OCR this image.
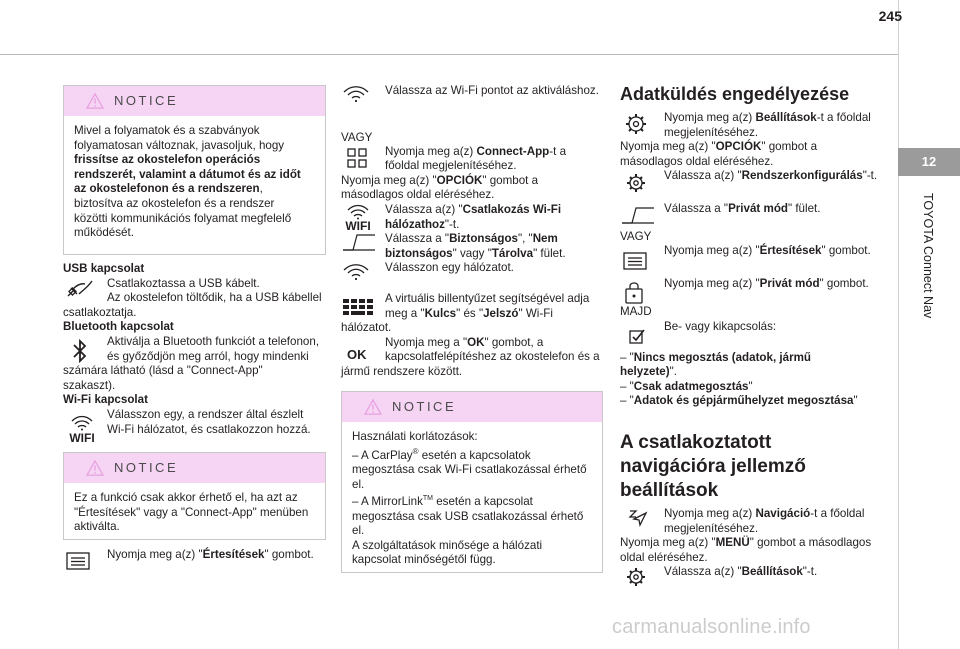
245
12
TOYOTA Connect Nav
NOTICE
Mivel a folyamatok és a szabványok
folyamatosan változnak, javasoljuk, hogy
frissítse az okostelefon operációs
rendszerét, valamint a dátumot és az időt
az okostelefonon és a rendszeren,
biztosítva az okostelefon és a rendszer
közötti kommunikációs folyamat megfelelő
működését.
USB kapcsolat
Csatlakoztassa a USB kábelt.
Az okostelefon töltődik, ha a USB kábellel
csatlakoztatja.
Bluetooth kapcsolat
Aktiválja a Bluetooth funkciót a telefonon,
és győződjön meg arról, hogy mindenki
számára látható (lásd a "Connect-App"
szakaszt).
Wi-Fi kapcsolat
WIFI
Válasszon egy, a rendszer által észlelt
Wi-Fi hálózatot, és csatlakozzon hozzá.
NOTICE
Ez a funkció csak akkor érhető el, ha azt az
"Értesítések" vagy a "Connect-App" menüben
aktiválta.
Nyomja meg a(z) "Értesítések" gombot.
Válassza az Wi-Fi pontot az aktiváláshoz.
VAGY
Nyomja meg a(z) Connect-App-t a
főoldal megjelenítéséhez.
Nyomja meg a(z) "OPCIÓK" gombot a
másodlagos oldal eléréséhez.
WIFI
Válassza a(z) "Csatlakozás Wi-Fi
hálózathoz"-t.
Válassza a "Biztonságos", "Nem
biztonságos" vagy "Tárolva" fület.
Válasszon egy hálózatot.
A virtuális billentyűzet segítségével adja
meg a "Kulcs" és "Jelszó" Wi-Fi
hálózatot.
OK
Nyomja meg a "OK" gombot, a
kapcsolatfelépítéshez az okostelefon és a
jármű rendszere között.
NOTICE
Használati korlátozások:
– A CarPlay® esetén a kapcsolatok
megosztása csak Wi-Fi csatlakozással érhető
el.
– A MirrorLink™ esetén a kapcsolat
megosztása csak USB csatlakozással érhető
el.
A szolgáltatások minősége a hálózati
kapcsolat minőségétől függ.
Adatküldés engedélyezése
Nyomja meg a(z) Beállítások-t a főoldal
megjelenítéséhez.
Nyomja meg a(z) "OPCIÓK" gombot a
másodlagos oldal eléréséhez.
Válassza a(z) "Rendszerkonfigurálás"-t.
Válassza a "Privát mód" fület.
VAGY
Nyomja meg a(z) "Értesítések" gombot.
Nyomja meg a(z) "Privát mód" gombot.
MAJD
Be- vagy kikapcsolás:
– "Nincs megosztás (adatok, jármű
helyzete)".
– "Csak adatmegosztás"
– "Adatok és gépjárműhelyzet megosztása"
A csatlakoztatott
navigációra jellemző
beállítások
Nyomja meg a(z) Navigáció-t a főoldal
megjelenítéséhez.
Nyomja meg a(z) "MENÜ" gombot a másodlagos
oldal eléréséhez.
Válassza a(z) "Beállítások"-t.
carmanualsonline.info
